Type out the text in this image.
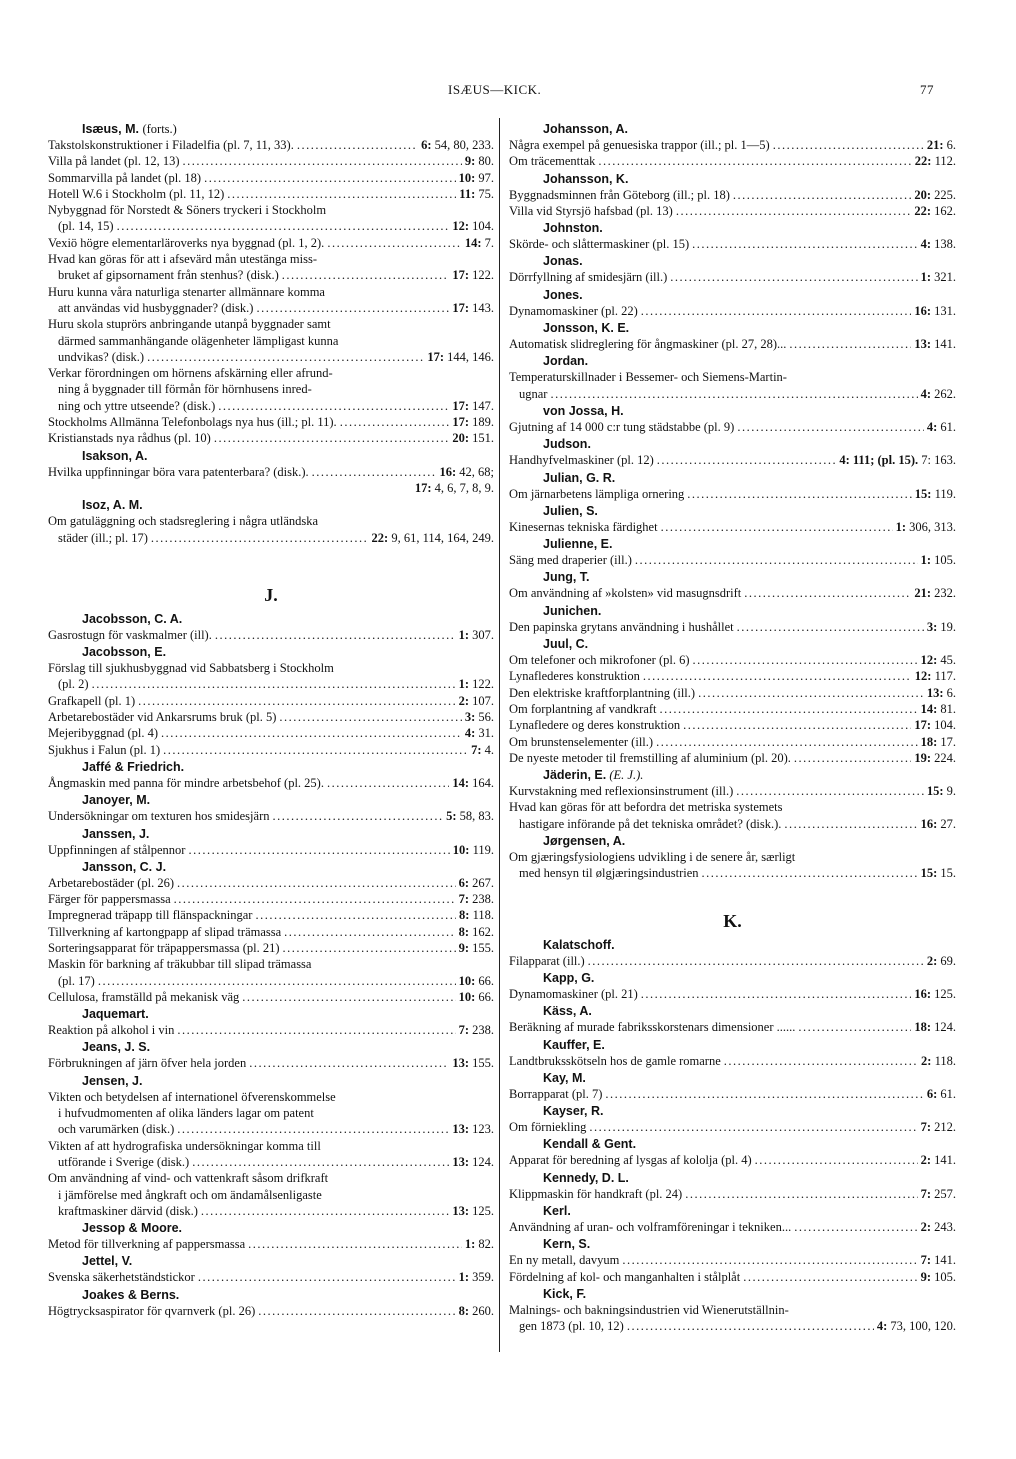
ISÆUS—KICK.	77
Isæus, M. (forts.)
Takstolskonstruktioner i Filadelfia (pl. 7, 11, 33). .....	6: 54, 80, 233.
Villa på landet (pl. 12, 13) .....	9: 80.
Sommarvilla på landet (pl. 18) .....	10: 97.
Hotell W.6 i Stockholm (pl. 11, 12) .....	11: 75.
Nybyggnad för Norstedt & Söners tryckeri i Stockholm
(pl. 14, 15) .....	12: 104.
Vexiö högre elementarläroverks nya byggnad (pl. 1, 2). .....	14: 7.
Hvad kan göras för att i afsevärd mån utestänga miss-
bruket af gipsornament från stenhus? (disk.) .....	17: 122.
Huru kunna våra naturliga stenarter allmännare komma
att användas vid husbyggnader? (disk.) .....	17: 143.
Huru skola stuprörs anbringande utanpå byggnader samt
därmed sammanhängande olägenheter lämpligast kunna
undvikas? (disk.) .....	17: 144, 146.
Verkar förordningen om hörnens afskärning eller afrund-
ning å byggnader till förmån för hörnhusens inred-
ning och yttre utseende? (disk.) .....	17: 147.
Stockholms Allmänna Telefonbolags nya hus (ill.; pl. 11). .....	17: 189.
Kristianstads nya rådhus (pl. 10) .....	20: 151.
Isakson, A.
Hvilka uppfinningar böra vara patenterbara? (disk.). .....	16: 42, 68;
17: 4, 6, 7, 8, 9.
Isoz, A. M.
Om gatuläggning och stadsreglering i några utländska
städer (ill.; pl. 17) .....	22: 9, 61, 114, 164, 249.
J.
Jacobsson, C. A.
Gasrostugn för vaskmalmer (ill). .....	1: 307.
Jacobsson, E.
Förslag till sjukhusbyggnad vid Sabbatsberg i Stockholm
(pl. 2) .....	1: 122.
Grafkapell (pl. 1) .....	2: 107.
Arbetarebostäder vid Ankarsrums bruk (pl. 5) .....	3: 56.
Mejeribyggnad (pl. 4) .....	4: 31.
Sjukhus i Falun (pl. 1) .....	7: 4.
Jaffé & Friedrich.
Ångmaskin med panna för mindre arbetsbehof (pl. 25). .....	14: 164.
Janoyer, M.
Undersökningar om texturen hos smidesjärn .....	5: 58, 83.
Janssen, J.
Uppfinningen af stålpennor .....	10: 119.
Jansson, C. J.
Arbetarebostäder (pl. 26) .....	6: 267.
Färger för pappersmassa .....	7: 238.
Impregnerad träpapp till flänspackningar .....	8: 118.
Tillverkning af kartongpapp af slipad trämassa .....	8: 162.
Sorteringsapparat för träpappersmassa (pl. 21) .....	9: 155.
Maskin för barkning af träkubbar till slipad trämassa
(pl. 17) .....	10: 66.
Cellulosa, framställd på mekanisk väg .....	10: 66.
Jaquemart.
Reaktion på alkohol i vin .....	7: 238.
Jeans, J. S.
Förbrukningen af järn öfver hela jorden .....	13: 155.
Jensen, J.
Vikten och betydelsen af internationel öfverenskommelse
i hufvudmomenten af olika länders lagar om patent
och varumärken (disk.) .....	13: 123.
Vikten af att hydrografiska undersökningar komma till
utförande i Sverige (disk.) .....	13: 124.
Om användning af vind- och vattenkraft såsom drifkraft
i jämförelse med ångkraft och om ändamålsenligaste
kraftmaskiner därvid (disk.) .....	13: 125.
Jessop & Moore.
Metod för tillverkning af pappersmassa .....	1: 82.
Jettel, V.
Svenska säkerhetständstickor .....	1: 359.
Joakes & Berns.
Högtrycksaspirator för qvarnverk (pl. 26) .....	8: 260.
Johansson, A.
Några exempel på genuesiska trappor (ill.; pl. 1—5) .....	21: 6.
Om träcementtak .....	22: 112.
Johansson, K.
Byggnadsminnen från Göteborg (ill.; pl. 18) .....	20: 225.
Villa vid Styrsjö hafsbad (pl. 13) .....	22: 162.
Johnston.
Skörde- och slåttermaskiner (pl. 15) .....	4: 138.
Jonas.
Dörrfyllning af smidesjärn (ill.) .....	1: 321.
Jones.
Dynamomaskiner (pl. 22) .....	16: 131.
Jonsson, K. E.
Automatisk slidreglering för ångmaskiner (pl. 27, 28)... .....	13: 141.
Jordan.
Temperaturskillnader i Bessemer- och Siemens-Martin-
ugnar .....	4: 262.
von Jossa, H.
Gjutning af 14 000 c:r tung städstabbe (pl. 9) .....	4: 61.
Judson.
Handhyfvelmaskiner (pl. 12) .....	4: 111; (pl. 15). 7: 163.
Julian, G. R.
Om järnarbetens lämpliga ornering .....	15: 119.
Julien, S.
Kinesernas tekniska färdighet .....	1: 306, 313.
Julienne, E.
Säng med draperier (ill.) .....	1: 105.
Jung, T.
Om användning af »kolsten» vid masugnsdrift .....	21: 232.
Junichen.
Den papinska grytans användning i hushållet .....	3: 19.
Juul, C.
Om telefoner och mikrofoner (pl. 6) .....	12: 45.
Lynaflederes konstruktion .....	12: 117.
Den elektriske kraftforplantning (ill.) .....	13: 6.
Om forplantning af vandkraft .....	14: 81.
Lynafledere og deres konstruktion .....	17: 104.
Om brunstenselementer (ill.) .....	18: 17.
De nyeste metoder til fremstilling af aluminium (pl. 20). .....	19: 224.
Jäderin, E. (E. J.).
Kurvstakning med reflexionsinstrument (ill.) .....	15: 9.
Hvad kan göras för att befordra det metriska systemets
hastigare införande på det tekniska området? (disk.). .....	16: 27.
Jørgensen, A.
Om gjæringsfysiologiens udvikling i de senere år, særligt
med hensyn til ølgjæringsindustrien .....	15: 15.
K.
Kalatschoff.
Filapparat (ill.) .....	2: 69.
Kapp, G.
Dynamomaskiner (pl. 21) .....	16: 125.
Käss, A.
Beräkning af murade fabriksskorstenars dimensioner ...... .....	18: 124.
Kauffer, E.
Landtbruksskötseln hos de gamle romarne .....	2: 118.
Kay, M.
Borrapparat (pl. 7) .....	6: 61.
Kayser, R.
Om förniekling .....	7: 212.
Kendall & Gent.
Apparat för beredning af lysgas af kololja (pl. 4) .....	2: 141.
Kennedy, D. L.
Klippmaskin för handkraft (pl. 24) .....	7: 257.
Kerl.
Användning af uran- och volframföreningar i tekniken... .....	2: 243.
Kern, S.
En ny metall, davyum .....	7: 141.
Fördelning af kol- och manganhalten i stålplåt .....	9: 105.
Kick, F.
Malnings- och bakningsindustrien vid Wienerutställnin-
gen 1873 (pl. 10, 12) .....	4: 73, 100, 120.
